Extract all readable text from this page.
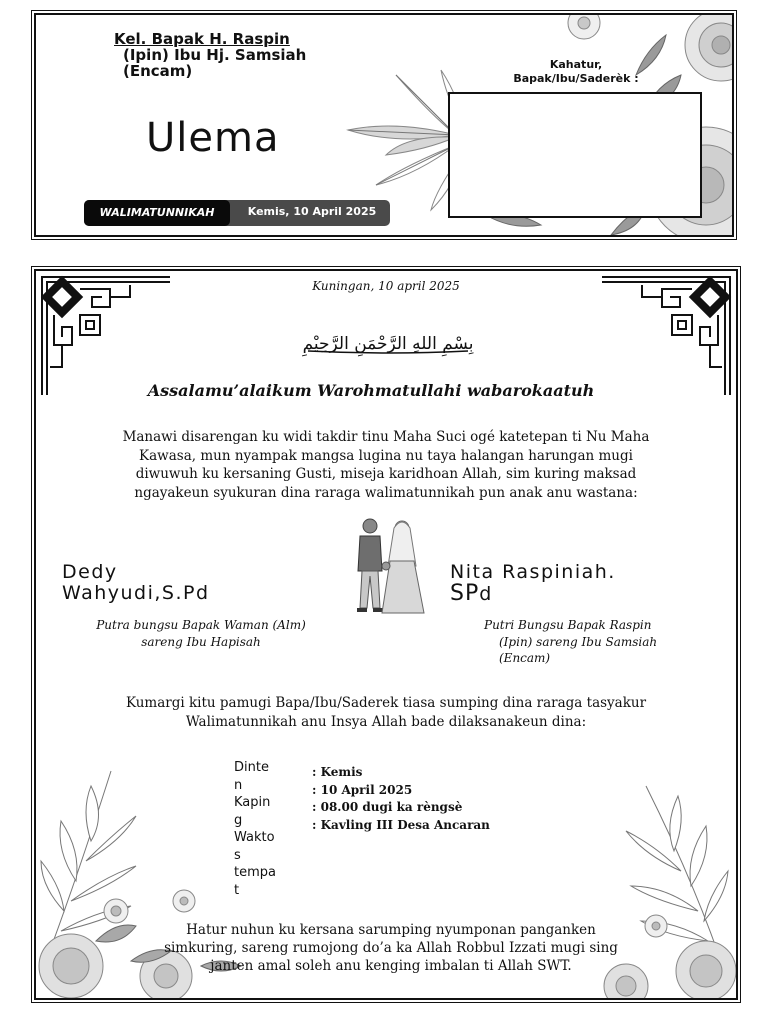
Kel. Bapak H. Raspin

(Ipin) Ibu Hj. Samsiah
(Encam)
Ulema
WALIMATUNNIKAH	Kemis, 10 April 2025
Kahatur,
Bapak/Ibu/Saderèk :
Kuningan, 10 april 2025
بِسْمِ اللهِ الرَّحْمَنِ الرَّحِيْمِ
Assalamu’alaikum Warohmatullahi wabarokaatuh
Manawi disarengan ku widi takdir tinu Maha Suci ogé katetepan ti Nu Maha Kawasa, mun nyampak mangsa lugina nu taya halangan harungan mugi diwuwuh ku kersaning Gusti, miseja karidhoan Allah, sim kuring maksad ngayakeun syukuran dina raraga walimatunnikah pun anak anu wastana:
Dedy
Wahyudi,S.Pd
Nita Raspiniah.
SPd
Putra bungsu Bapak Waman (Alm)
sareng Ibu Hapisah
Putri Bungsu Bapak Raspin
(Ipin) sareng Ibu Samsiah
(Encam)
Kumargi kitu pamugi Bapa/Ibu/Saderek tiasa sumping dina raraga tasyakur Walimatunnikah anu Insya Allah bade dilaksanakeun dina:
Dinte
n
Kapin
g
Wakto
s
tempa
t
: Kemis
: 10 April 2025
: 08.00 dugi ka rèngsè
: Kavling III Desa Ancaran
Hatur nuhun ku kersana sarumping nyumponan panganken simkuring, sareng rumojong do’a ka Allah Robbul Izzati mugi sing janten amal soleh anu kenging imbalan ti Allah SWT.
